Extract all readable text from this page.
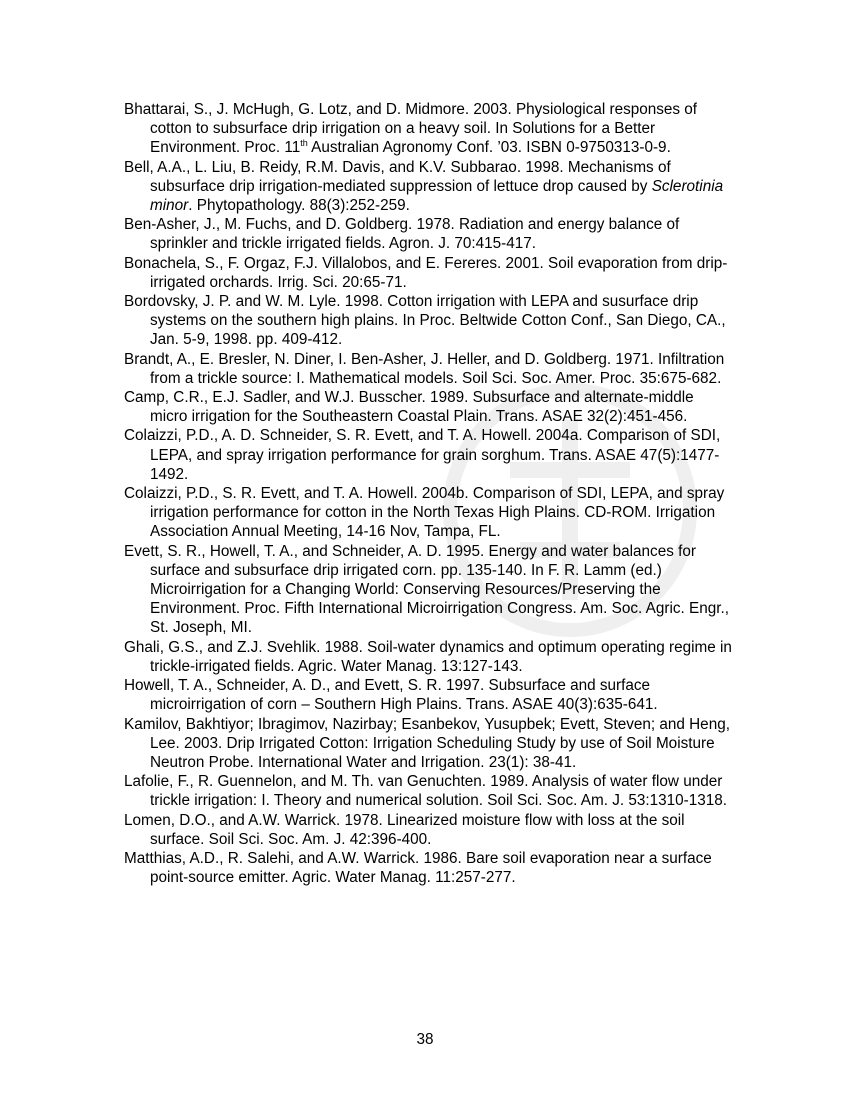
Bhattarai, S., J. McHugh, G. Lotz, and D. Midmore. 2003. Physiological responses of cotton to subsurface drip irrigation on a heavy soil. In Solutions for a Better Environment. Proc. 11th Australian Agronomy Conf. ’03. ISBN 0-9750313-0-9.

Bell, A.A., L. Liu, B. Reidy, R.M. Davis, and K.V. Subbarao. 1998. Mechanisms of subsurface drip irrigation-mediated suppression of lettuce drop caused by Sclerotinia minor. Phytopathology. 88(3):252-259.

Ben-Asher, J., M. Fuchs, and D. Goldberg. 1978. Radiation and energy balance of sprinkler and trickle irrigated fields. Agron. J. 70:415-417.

Bonachela, S., F. Orgaz, F.J. Villalobos, and E. Fereres. 2001. Soil evaporation from drip-irrigated orchards. Irrig. Sci. 20:65-71.

Bordovsky, J. P. and W. M. Lyle. 1998. Cotton irrigation with LEPA and susurface drip systems on the southern high plains. In Proc. Beltwide Cotton Conf., San Diego, CA., Jan. 5-9, 1998. pp. 409-412.

Brandt, A., E. Bresler, N. Diner, I. Ben-Asher, J. Heller, and D. Goldberg. 1971. Infiltration from a trickle source: I. Mathematical models. Soil Sci. Soc. Amer. Proc. 35:675-682.

Camp, C.R., E.J. Sadler, and W.J. Busscher. 1989. Subsurface and alternate-middle micro irrigation for the Southeastern Coastal Plain. Trans. ASAE 32(2):451-456.

Colaizzi, P.D., A. D. Schneider, S. R. Evett, and T. A. Howell. 2004a. Comparison of SDI, LEPA, and spray irrigation performance for grain sorghum. Trans. ASAE 47(5):1477-1492.

Colaizzi, P.D., S. R. Evett, and T. A. Howell. 2004b. Comparison of SDI, LEPA, and spray irrigation performance for cotton in the North Texas High Plains. CD-ROM. Irrigation Association Annual Meeting, 14-16 Nov, Tampa, FL.

Evett, S. R., Howell, T. A., and Schneider, A. D. 1995. Energy and water balances for surface and subsurface drip irrigated corn. pp. 135-140. In F. R. Lamm (ed.) Microirrigation for a Changing World: Conserving Resources/Preserving the Environment. Proc. Fifth International Microirrigation Congress. Am. Soc. Agric. Engr., St. Joseph, MI.

Ghali, G.S., and Z.J. Svehlik. 1988. Soil-water dynamics and optimum operating regime in trickle-irrigated fields. Agric. Water Manag. 13:127-143.

Howell, T. A., Schneider, A. D., and Evett, S. R. 1997. Subsurface and surface microirrigation of corn – Southern High Plains. Trans. ASAE 40(3):635-641.

Kamilov, Bakhtiyor; Ibragimov, Nazirbay; Esanbekov, Yusupbek; Evett, Steven; and Heng, Lee. 2003. Drip Irrigated Cotton: Irrigation Scheduling Study by use of Soil Moisture Neutron Probe. International Water and Irrigation. 23(1): 38-41.

Lafolie, F., R. Guennelon, and M. Th. van Genuchten. 1989. Analysis of water flow under trickle irrigation: I. Theory and numerical solution. Soil Sci. Soc. Am. J. 53:1310-1318.

Lomen, D.O., and A.W. Warrick. 1978. Linearized moisture flow with loss at the soil surface. Soil Sci. Soc. Am. J. 42:396-400.

Matthias, A.D., R. Salehi, and A.W. Warrick. 1986. Bare soil evaporation near a surface point-source emitter. Agric. Water Manag. 11:257-277.

38
